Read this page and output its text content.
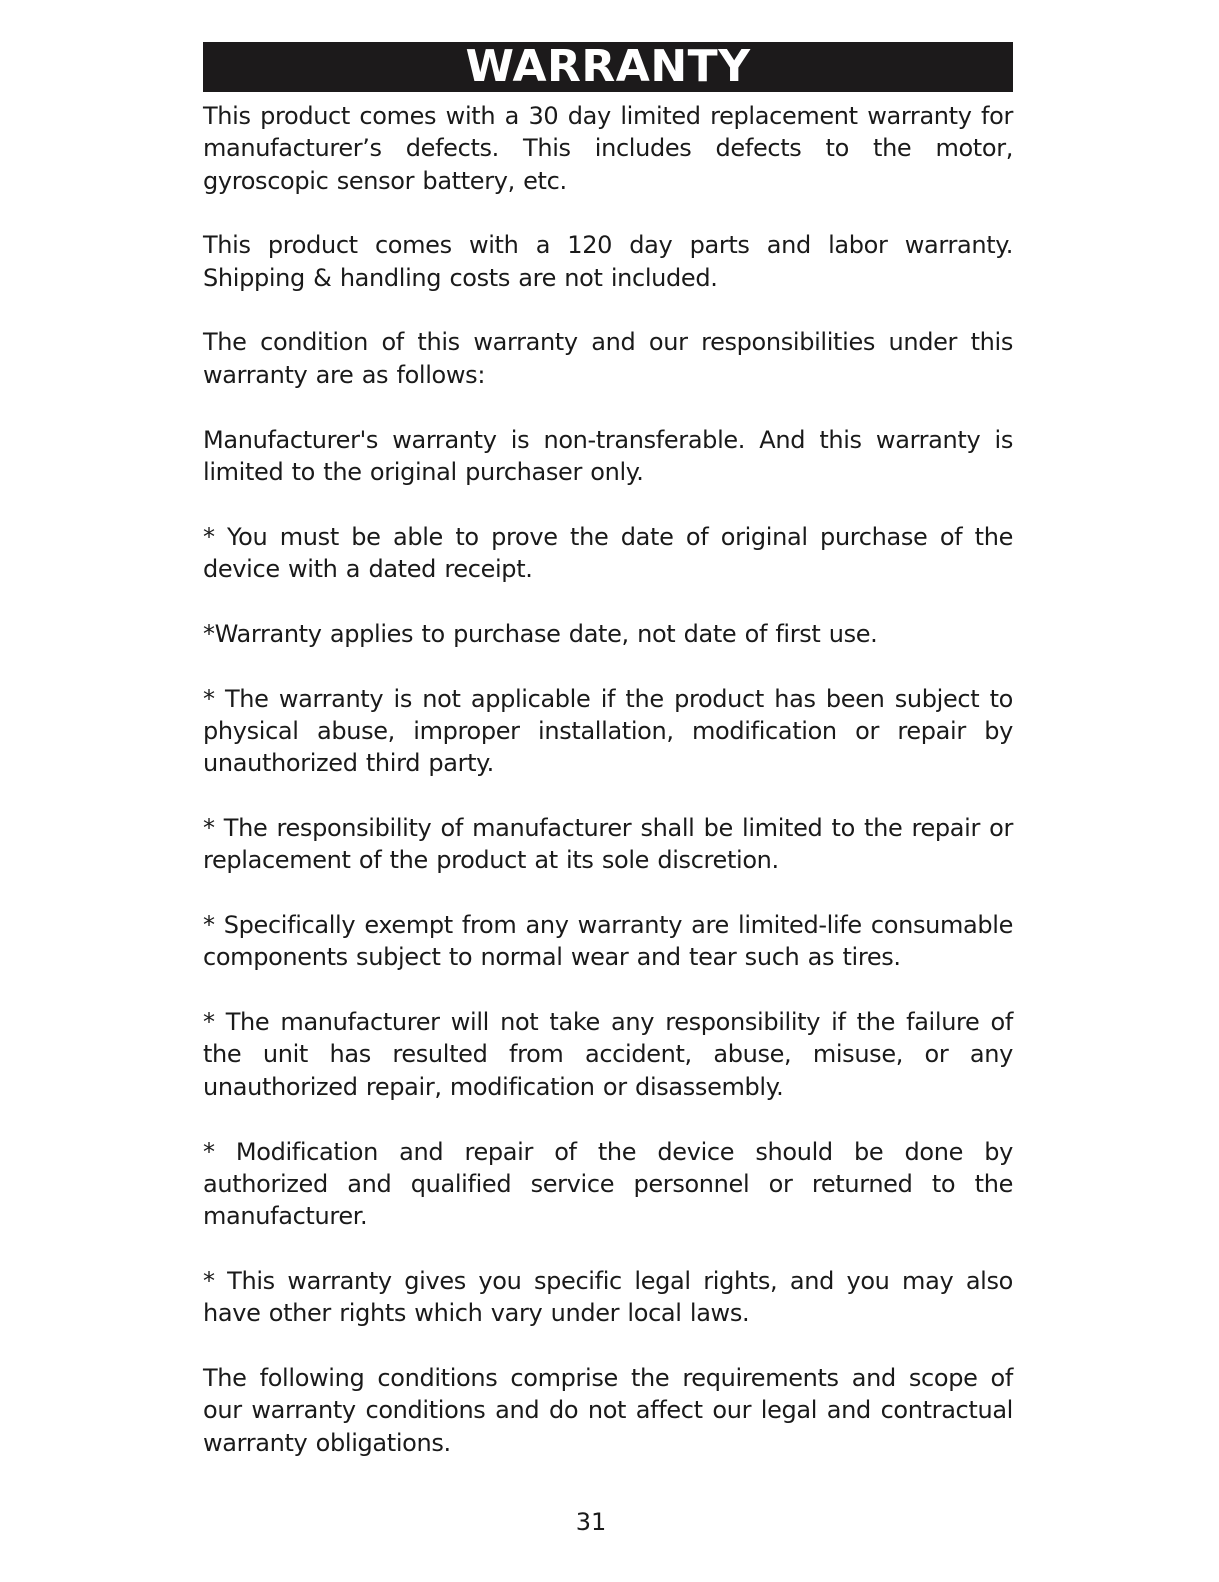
WARRANTY

This product comes with a 30 day limited replacement warranty for manufacturer’s defects. This includes defects to the motor, gyroscopic sensor battery, etc.

This product comes with a 120 day parts and labor warranty. Shipping & handling costs are not included.

The condition of this warranty and our responsibilities under this warranty are as follows:

Manufacturer's warranty is non-transferable. And this warranty is limited to the original purchaser only.

* You must be able to prove the date of original purchase of the device with a dated receipt.

*Warranty applies to purchase date, not date of first use.

* The warranty is not applicable if the product has been subject to physical abuse, improper installation, modification or repair by unauthorized third party.

* The responsibility of manufacturer shall be limited to the repair or replacement of the product at its sole discretion.

* Specifically exempt from any warranty are limited-life consumable components subject to normal wear and tear such as tires.

* The manufacturer will not take any responsibility if the failure of the unit has resulted from accident, abuse, misuse, or any unauthorized repair, modification or disassembly.

* Modification and repair of the device should be done by authorized and qualified service personnel or returned to the manufacturer.

* This warranty gives you specific legal rights, and you may also have other rights which vary under local laws.

The following conditions comprise the requirements and scope of our warranty conditions and do not affect our legal and contractual warranty obligations.

31
